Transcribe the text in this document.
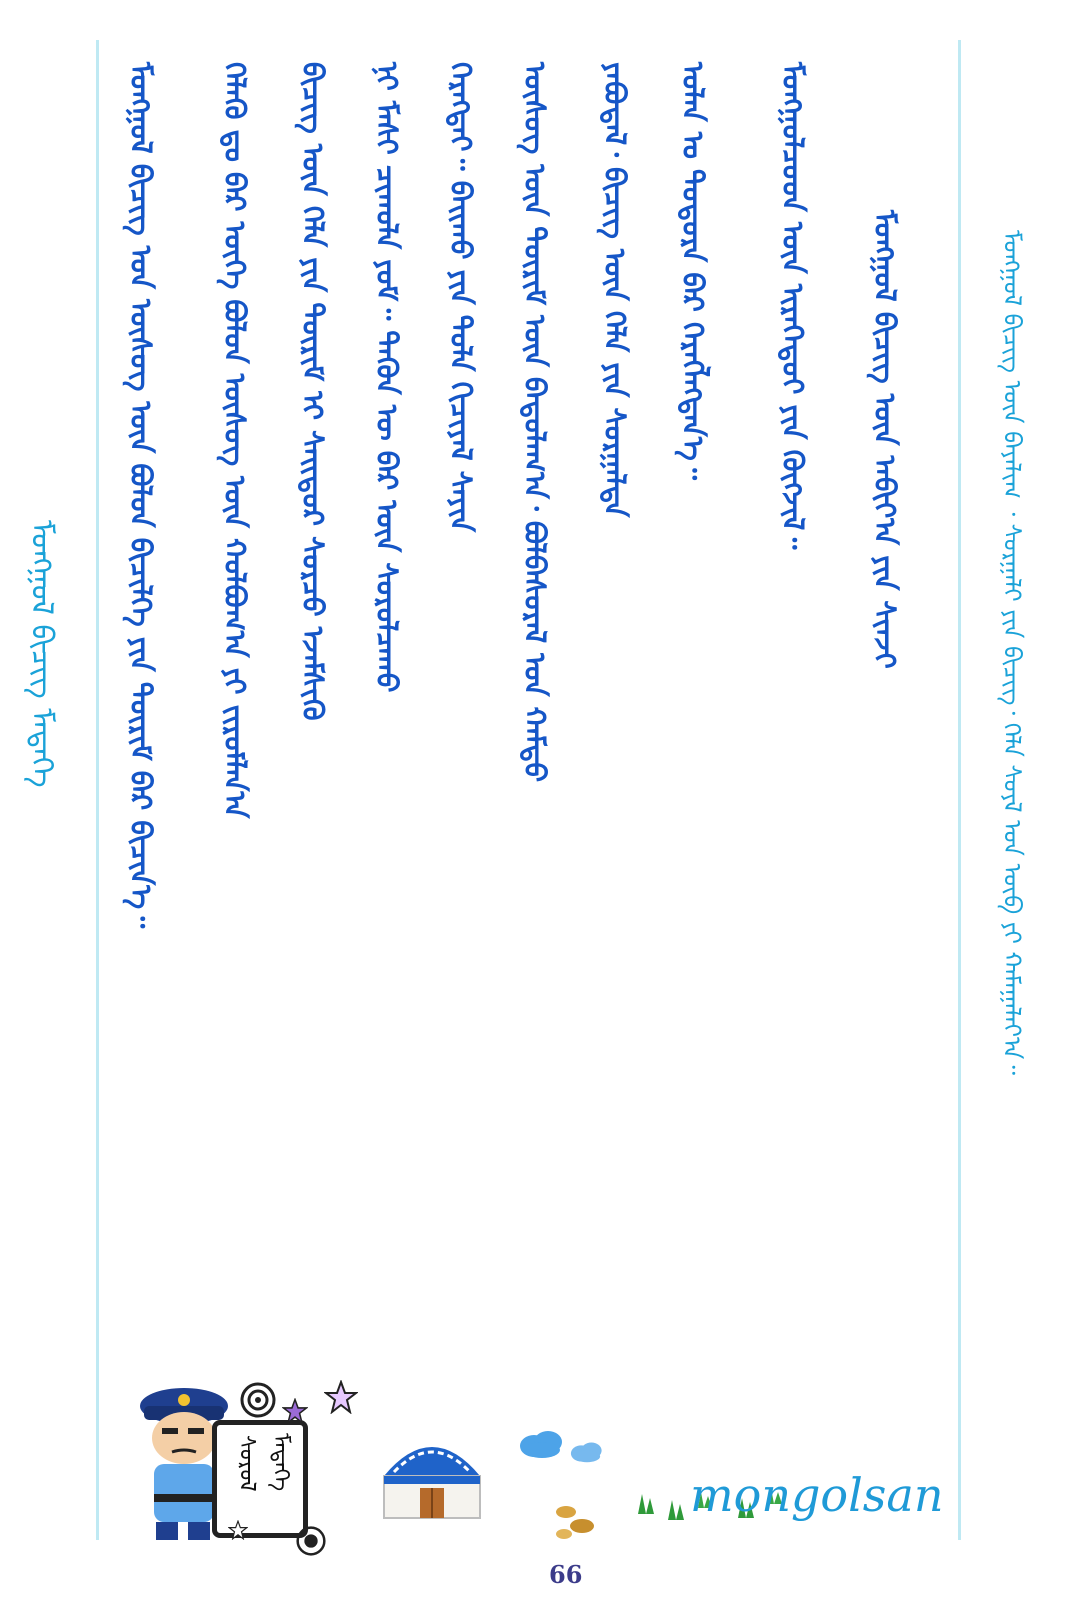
ᠮᠣᠩᠭᠣᠯ ᠪᠢᠴᠢᠭ᠌ ᠮᠡᠳᠡᠭᠡ ᠮᠣᠩᠭᠣᠯ ᠪᠢᠴᠢᠭ᠌ ᠤᠨ ᠦᠰᠦᠭ ᠦᠨ ᠪᠣᠯᠣᠨ ᠪᠢᠴᠢᠯᠭᠡ ᠶᠢᠨ ᠳᠦᠷᠢᠮ ᠪᠡᠷ ᠪᠢᠴᠢᠨ᠎ᠡ᠃ ᠬᠡᠯᠡᠬᠦ ᠳᠤ ᠪᠡᠷ ᠦᠭᠡ ᠪᠣᠯᠣᠨ ᠦᠰᠦᠭ ᠦᠨ ᠬᠣᠯᠪᠣᠭ᠎ᠠ ᠶᠢ ᠵᠢᠷᠤᠮᠯᠠᠨ᠎ᠠ ᠪᠢᠴᠢᠭ᠌ ᠦᠨ ᠬᠡᠯᠡ ᠶᠢᠨ ᠳᠦᠷᠢᠮ ᠢ ᠰᠠᠢᠳᠤᠷ ᠰᠤᠷᠴᠤ ᠡᠵᠡᠮᠰᠢᠬᠦ ᠨᠢ ᠮᠠᠰᠢ ᠴᠢᠬᠤᠯᠠ ᠶᠤᠮ᠃ ᠲᠡᠭᠦᠨ ᠦ ᠪᠡᠷ ᠦᠨ ᠰᠤᠷᠤᠯᠴᠠᠬᠤ ᠬᠡᠷᠡᠭᠲᠡᠢ᠃ ᠪᠠᠢᠬᠤ ᠶᠢᠨ ᠲᠤᠯᠠ ᠬᠢᠴᠢᠶᠡᠯ ᠰᠠᠶᠢᠨ ᠦᠰᠦᠭ ᠦᠨ ᠳᠦᠷᠢᠮ ᠦᠨ ᠪᠠᠲᠤᠯᠠᠭ᠎ᠠ᠂ ᠪᠣᠯᠪᠠᠰᠤᠷᠠᠯ ᠤᠨ ᠬᠠᠮᠲᠤ ᠶᠠᠪᠤᠳᠠᠯ᠂ ᠪᠢᠴᠢᠭ᠌ ᠦᠨ ᠬᠡᠯᠡ ᠶᠢᠨ ᠰᠤᠷᠭᠠᠯᠲᠠ ᠣᠯᠠᠨ ᠤ ᠳᠣᠲᠣᠷᠠ ᠪᠠᠷ ᠬᠡᠷᠡᠭᠯᠡᠭᠳᠡᠨ᠎ᠡ᠃ ᠮᠣᠩᠭᠣᠯᠴᠤᠳ ᠦᠨ ᠢᠷᠡᠭᠡᠳᠦᠢ ᠶᠢᠨ ᠬᠥᠭᠵᠢᠯ᠃ ᠮᠣᠩᠭᠣᠯ ᠪᠢᠴᠢᠭ᠌ ᠦᠨ ᠠᠪᠢᠶ᠎ᠠ ᠶᠢᠨ ᠰᠢᠨᠵᠢ	ᠮᠣᠩᠭᠣᠯ ᠪᠢᠴᠢᠭ᠌ ᠦᠨ ᠪᠠᠶᠠᠯᠢᠭ ᠂ ᠰᠤᠷᠭᠠᠯᠢ ᠶᠢᠨ ᠪᠢᠴᠢᠭ᠌᠂ ᠬᠡᠯᠡ ᠰᠤᠶᠯ ᠤᠨ ᠥᠪ ᠶᠢ ᠬᠠᠮᠠᠭᠠᠯᠠᠶ᠎ᠠ᠃
ᠰᠤᠷᠤᠯ ᠮᠡᠳᠡᠭᠡ
mongolsan
66
